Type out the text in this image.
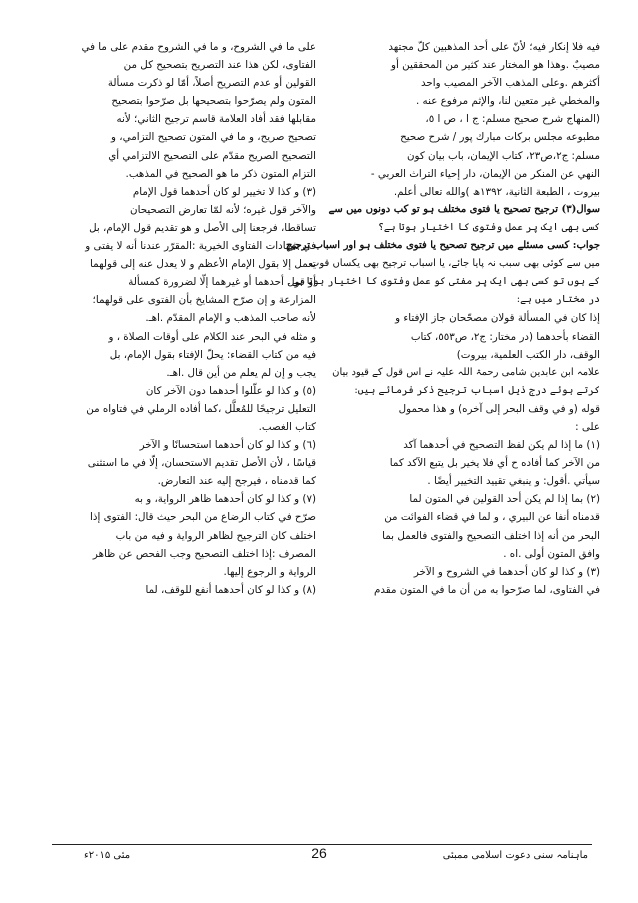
فيه فلا إنكار فيه؛ لأنّ على أحد المذهبين كلّ مجتهد
مصيبٌ .وهذا هو المختار عند كثير من المحققين أو
أكثرهم .وعلى المذهب الآخر المصيب واحد
والمخطي غير متعين لنا، والإثم مرفوع عنه .
(المنهاج شرح صحيح مسلم: ج ا ، ص ا ٥،
مطبوعه مجلس بركات مبارك پور / شرح صحيح
مسلم: ج٢،ص٢٣، كتاب الإيمان، باب بيان كون
النهي عن المنكر من الإيمان، دار إحياء التراث العربي -
بيروت ، الطبعة الثانية، ١٣٩٢ھ )والله تعالى أعلم.
سوال(٣) ترجیح تصحیح یا فتوی مختلف ہو تو کب دونوں میں سے
کسی بھی ایک پر عمل وفتوی کا اختیار ہوتا ہے؟
جواب: کسی مسئلے میں ترجیح تصحیح یا فتوی مختلف ہو اور اسباب ترجیح
میں سے کوئی بھی سبب نہ پایا جائے، یا اسباب ترجیح بھی یکساں قوت
کے ہوں تو کسی بھی ایک پر مفتی کو عمل وفتوی کا اختیار ہوتا ہے۔
در مختار میں ہے:
إذا كان في المسألة قولان مصحّحان جاز الإفتاء و
القضاء بأحدهما (در مختار: ج٢، ص٥٥٣، كتاب
الوقف، دار الكتب العلمية، بيروت)
علامہ ابن عابدین شامی رحمۃ اللہ علیہ نے اس قول کے قیود بیان
کرتے ہوئے درج ذیل اسباب ترجیح ذکر فرمائے ہیں:
قوله (و في وقف البحر إلى آخره) و هذا محمول
على :
(١) ما إذا لم يكن لفظ التصحيح في أحدهما آكد
من الآخر كما أفاده ح أي فلا يخير بل يتبع الآكد كما
سيأتي .أقول: و ينبغي تقييد التخيير أيضًا .
(٢) بما إذا لم يكن أحد القولين في المتون لما
قدمناه أنفا عن البيري ، و لما في قضاء الفوائت من
البحر من أنه إذا اختلف التصحيح والفتوى فالعمل بما
وافق المتون أولى .اه .
(٣) و كذا لو كان أحدهما في الشروح و الآخر
في الفتاوى، لما صرّحوا به من أن ما في المتون مقدم
على ما في الشروح، و ما في الشروح مقدم على ما في
الفتاوى، لكن هذا عند التصريح بتصحيح كل من
القولين أو عدم التصريح أصلاً، أمّا لو ذكرت مسألة
المتون ولم يصرّحوا بتصحيحها بل صرّحوا بتصحيح
مقابلها فقد أفاد العلامة قاسم ترجيح الثاني؛ لأنه
تصحيح صريح، و ما في المتون تصحيح التزامي، و
التصحيح الصريح مقدّم على التصحيح الالتزامي أي
التزام المتون ذكر ما هو الصحيح في المذهب.
(٣) و كذا لا تخيير لو كان أحدهما قول الإمام
والآخر قول غيره؛ لأنه لمّا تعارض التصحيحان
تساقطا، فرجعنا إلى الأصل و هو تقديم قول الإمام، بل
في شهادات الفتاوى الخيرية :المقرّر عندنا أنه لا يفتى و
يعمل إلا بقول الإمام الأعظم و لا يعدل عنه إلى قولهما
أو قول أحدهما أو غيرهما إلّا لضرورة كمسألة
المزارعة و إن صرّح المشايخ بأن الفتوى على قولهما؛
لأنه صاحب المذهب و الإمام المقدّم .اهـ.
و مثله في البحر عند الكلام على أوقات الصلاة ، و
فيه من كتاب القضاء: يحلّ الإفتاء بقول الإمام، بل
يجب و إن لم يعلم من أين قال .اهـ.
(٥) و كذا لو علّلوا أحدهما دون الآخر كان
التعليل ترجيحًا للمُعلَّل ،كما أفاده الرملي في فتاواه من
كتاب الغصب.
(٦) و كذا لو كان أحدهما استحسانًا و الآخر
قياسًا ، لأن الأصل تقديم الاستحسان، إلّا في ما استثنى
كما قدمناه ، فيرجح إليه عند التعارض.
(٧) و كذا لو كان أحدهما ظاهر الرواية، و به
صرّح في كتاب الرضاع من البحر حيث قال: الفتوى إذا
اختلف كان الترجيح لظاهر الرواية و فيه من باب
المصرف :إذا اختلف التصحيح وجب الفحص عن ظاهر
الرواية و الرجوع إليها.
(٨) و كذا لو كان أحدهما أنفع للوقف، لما
ماہنامہ سنی دعوت اسلامی ممبئی
26
مئی ۲۰۱۵ء
